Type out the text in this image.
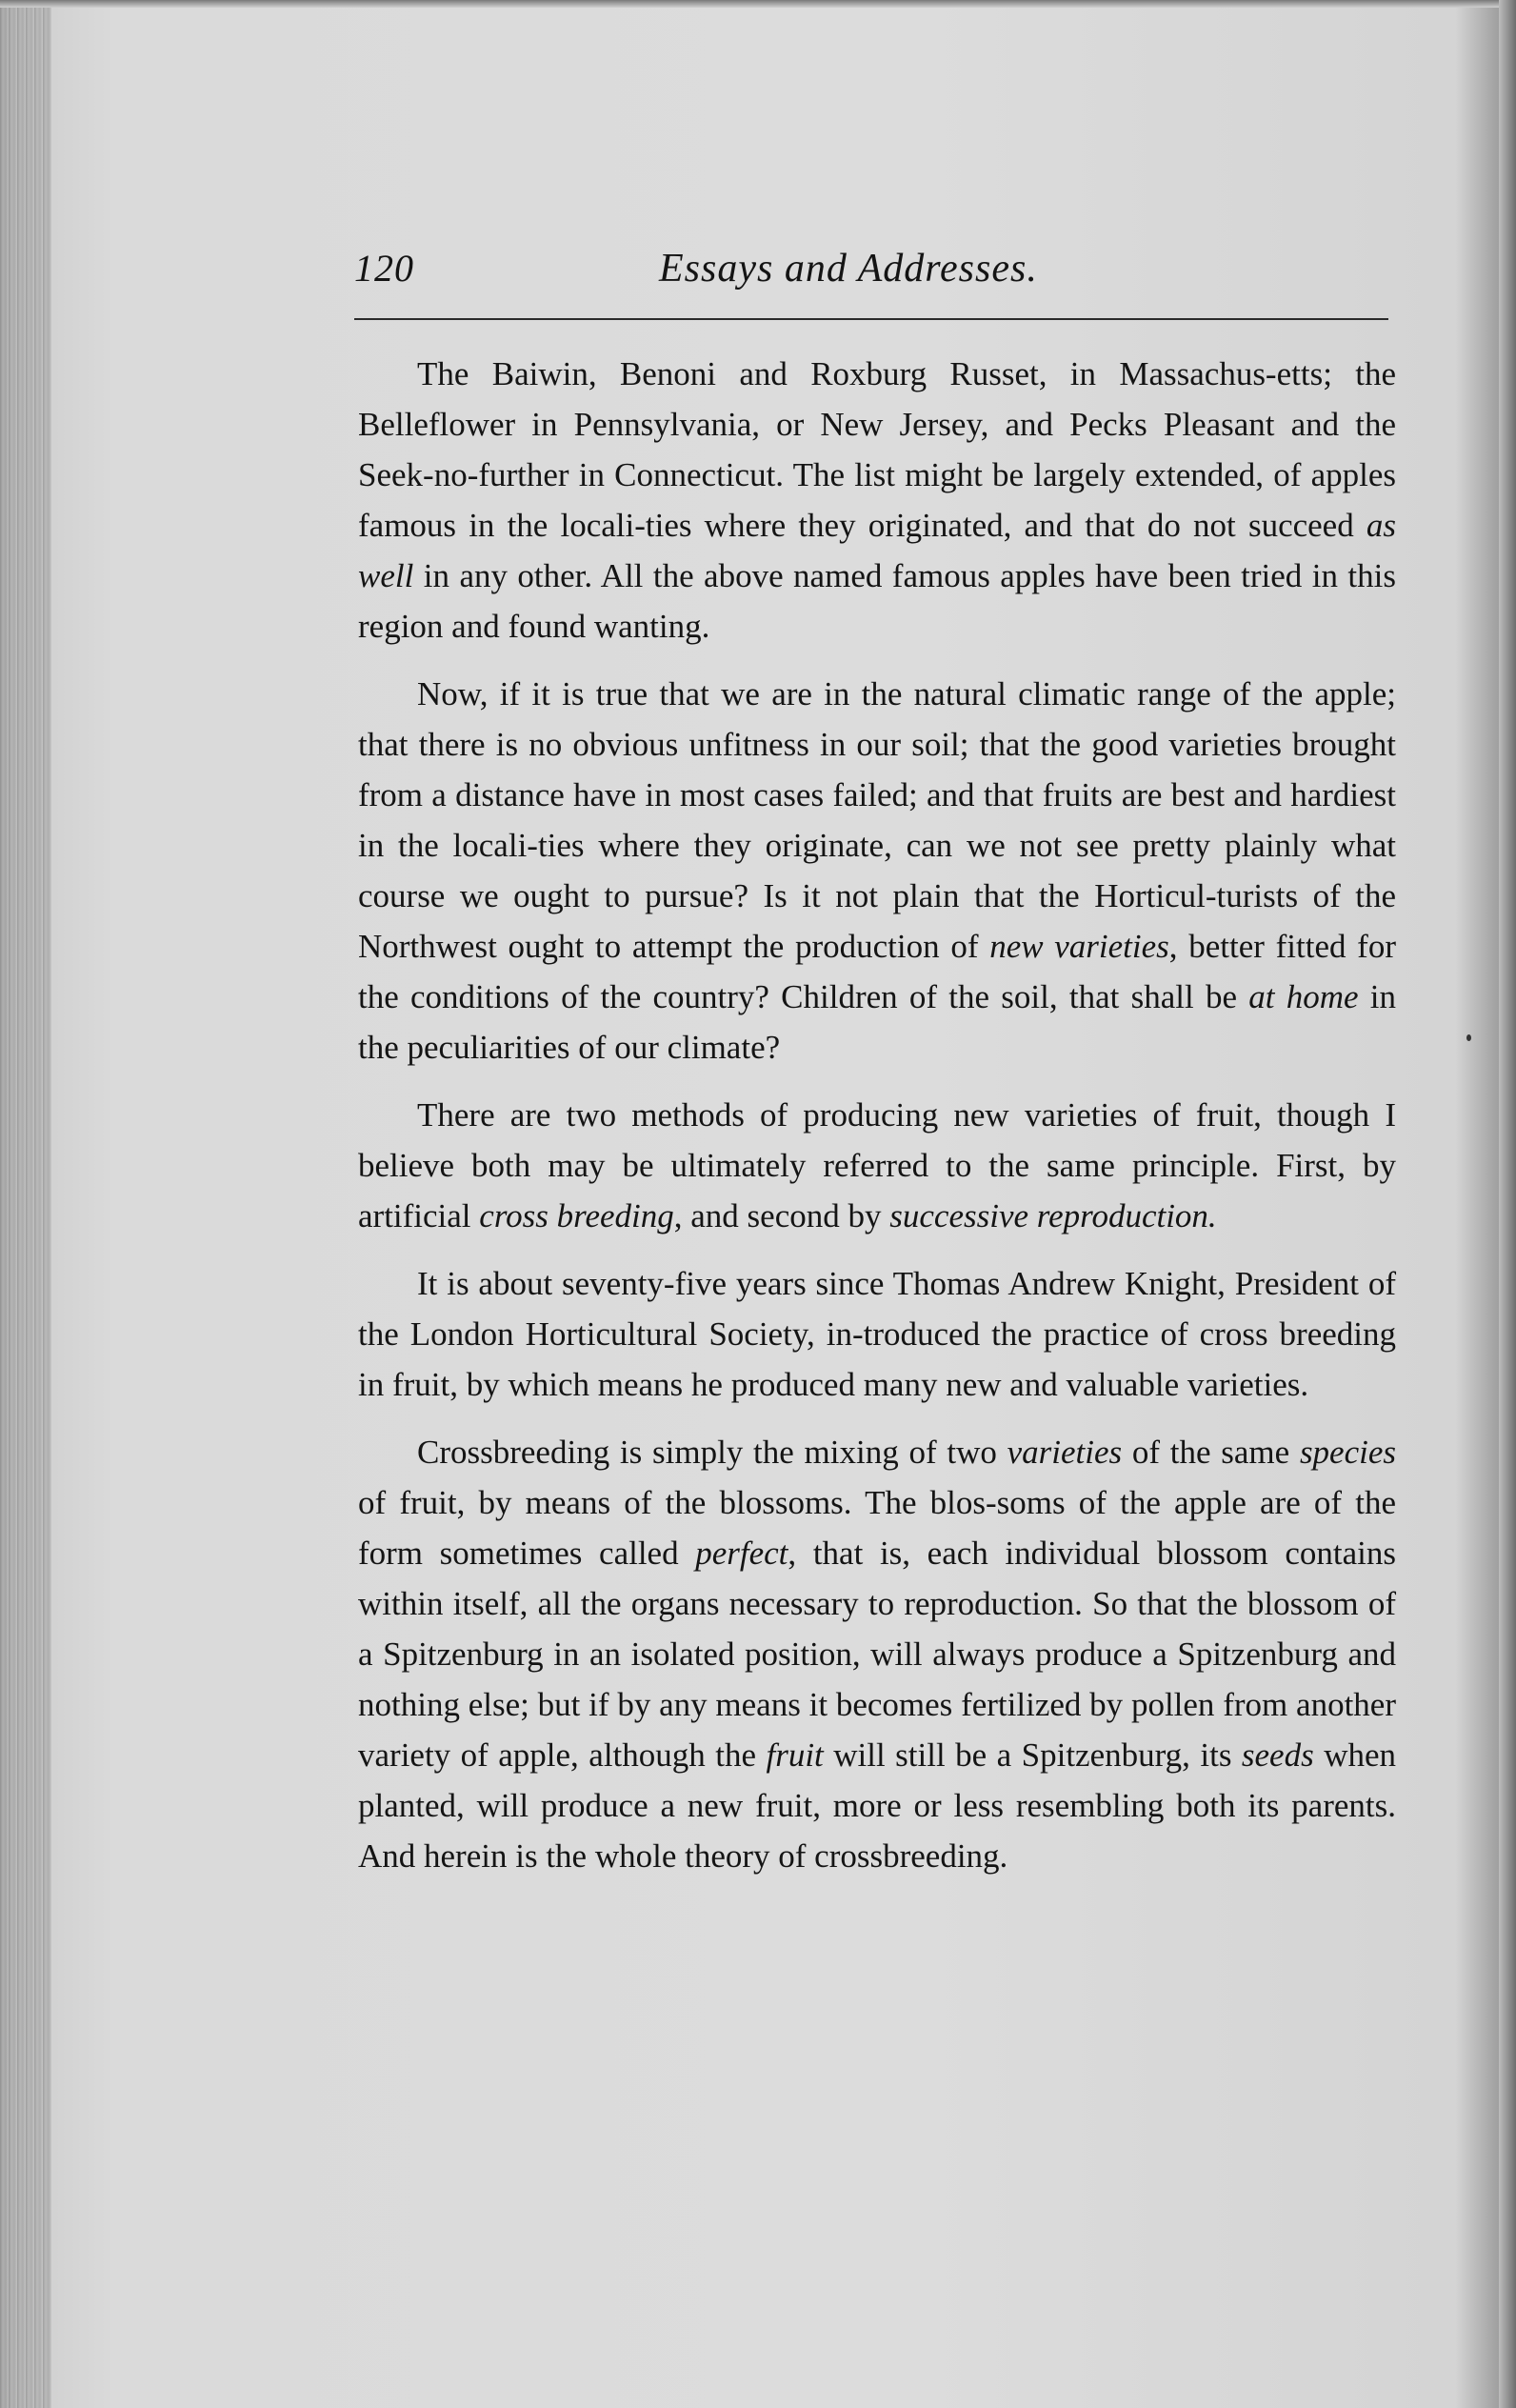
120	Essays and Addresses.

The Baiwin, Benoni and Roxburg Russet, in Massachus-etts; the Belleflower in Pennsylvania, or New Jersey, and Pecks Pleasant and the Seek-no-further in Connecticut. The list might be largely extended, of apples famous in the locali-ties where they originated, and that do not succeed as well in any other. All the above named famous apples have been tried in this region and found wanting.

Now, if it is true that we are in the natural climatic range of the apple; that there is no obvious unfitness in our soil; that the good varieties brought from a distance have in most cases failed; and that fruits are best and hardiest in the locali-ties where they originate, can we not see pretty plainly what course we ought to pursue? Is it not plain that the Horticul-turists of the Northwest ought to attempt the production of new varieties, better fitted for the conditions of the country? Children of the soil, that shall be at home in the peculiarities of our climate?

There are two methods of producing new varieties of fruit, though I believe both may be ultimately referred to the same principle. First, by artificial cross breeding, and second by successive reproduction.

It is about seventy-five years since Thomas Andrew Knight, President of the London Horticultural Society, in-troduced the practice of cross breeding in fruit, by which means he produced many new and valuable varieties.

Crossbreeding is simply the mixing of two varieties of the same species of fruit, by means of the blossoms. The blos-soms of the apple are of the form sometimes called perfect, that is, each individual blossom contains within itself, all the organs necessary to reproduction. So that the blossom of a Spitzenburg in an isolated position, will always produce a Spitzenburg and nothing else; but if by any means it becomes fertilized by pollen from another variety of apple, although the fruit will still be a Spitzenburg, its seeds when planted, will produce a new fruit, more or less resembling both its parents. And herein is the whole theory of crossbreeding.
